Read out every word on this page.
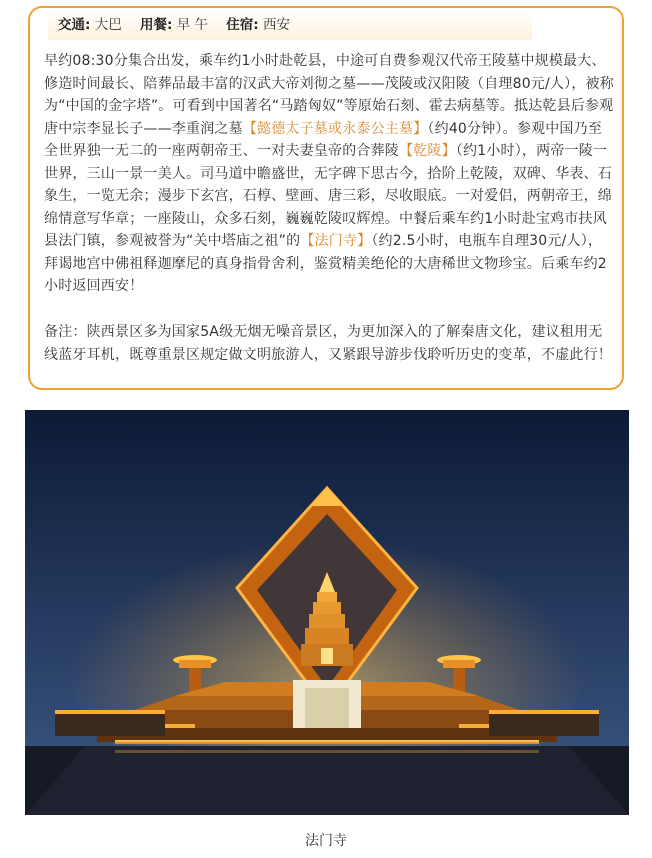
交通: 大巴 用餐: 早 午 住宿: 西安

早约08:30分集合出发，乘车约1小时赴乾县，中途可自费参观汉代帝王陵墓中规模最大、修造时间最长、陪葬品最丰富的汉武大帝刘彻之墓——茂陵或汉阳陵（自理80元/人），被称为“中国的金字塔”。可看到中国著名“马踏匈奴”等原始石刻、霍去病墓等。抵达乾县后参观唐中宗李显长子——李重润之墓【懿德太子墓或永泰公主墓】（约40分钟）。参观中国乃至全世界独一无二的一座两朝帝王、一对夫妻皇帝的合葬陵【乾陵】（约1小时），两帝一陵一世界，三山一景一美人。司马道中瞻盛世，无字碑下思古今，拾阶上乾陵，双碑、华表、石象生，一览无余；漫步下玄宫，石椁、壁画、唐三彩，尽收眼底。一对爱侣，两朝帝王，绵绵情意写华章；一座陵山，众多石刻，巍巍乾陵叹辉煌。中餐后乘车约1小时赴宝鸡市扶风县法门镇，参观被誉为“关中塔庙之祖”的【法门寺】（约2.5小时，电瓶车自理30元/人），拜谒地宫中佛祖释迦摩尼的真身指骨舍利，鉴赏精美绝伦的大唐稀世文物珍宝。后乘车约2小时返回西安！

备注：陕西景区多为国家5A级无烟无噪音景区，为更加深入的了解秦唐文化，建议租用无线蓝牙耳机，既尊重景区规定做文明旅游人，又紧跟导游步伐聆听历史的变革，不虚此行！

法门寺
